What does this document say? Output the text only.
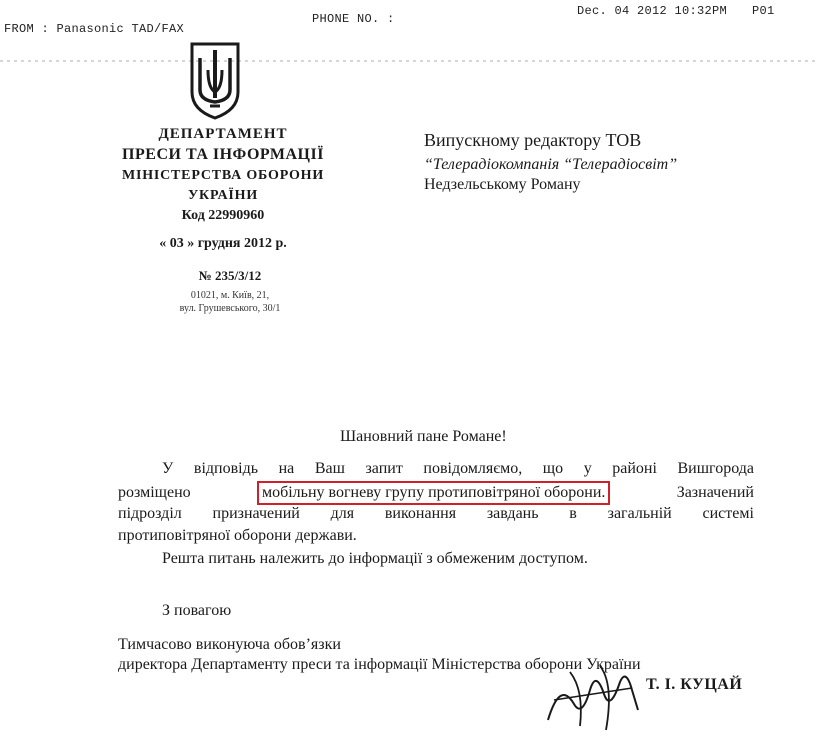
FROM : Panasonic TAD/FAX
PHONE NO. :
Dec. 04 2012 10:32PM P01
ДЕПАРТАМЕНТ
ПРЕСИ ТА ІНФОРМАЦІЇ
МІНІСТЕРСТВА ОБОРОНИ
УКРАЇНИ
Код 22990960
« 03 » грудня 2012 р.
№ 235/3/12
01021, м. Київ, 21,
вул. Грушевського, 30/1
Випускному редактору ТОВ
“Телерадіокомпанія “Телерадіосвіт”
Недзельському Роману
Шановний пане Романе!
У відповідь на Ваш запит повідомляємо, що у районі Вишгорода
розміщено	мобільну вогневу групу протиповітряної оборони.	Зазначений
підрозділ призначений для виконання завдань в загальній системі
протиповітряної оборони держави.
Решта питань належить до інформації з обмеженим доступом.
З повагою
Тимчасово виконуюча обов’язки
директора Департаменту преси та інформації Міністерства оборони України
Т. І. КУЦАЙ
